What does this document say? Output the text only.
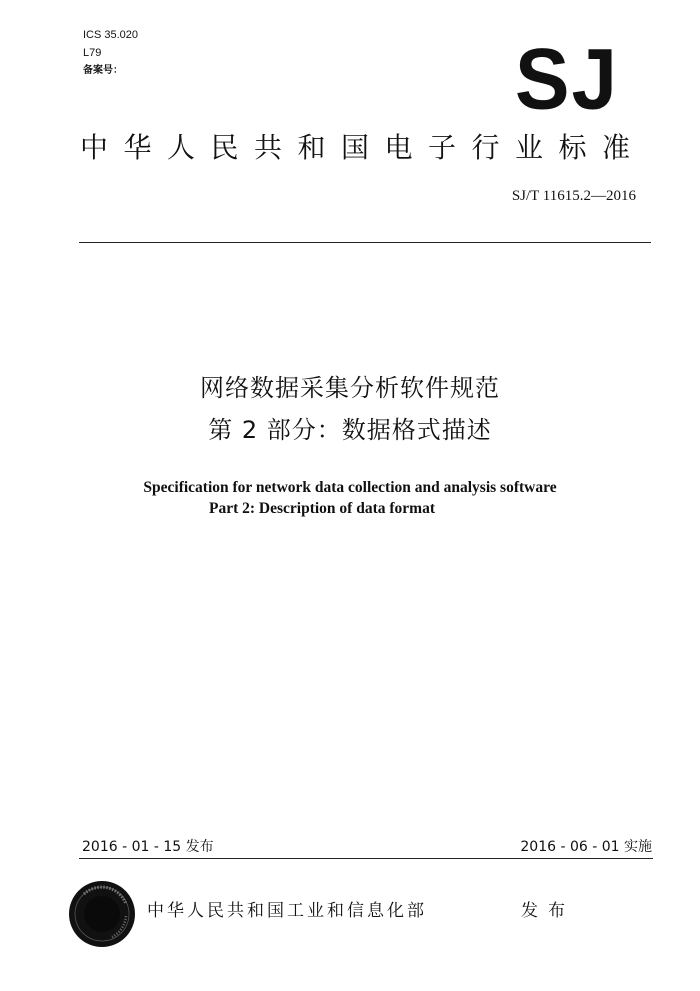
ICS 35.020
L79
备案号：	SJ
中华人民共和国电子行业标准
SJ/T 11615.2—2016
网络数据采集分析软件规范
第 2 部分：数据格式描述
Specification for network data collection and analysis software
Part 2: Description of data format
2016 - 01 - 15 发布	2016 - 06 - 01 实施
中华人民共和国工业和信息化部	发布
